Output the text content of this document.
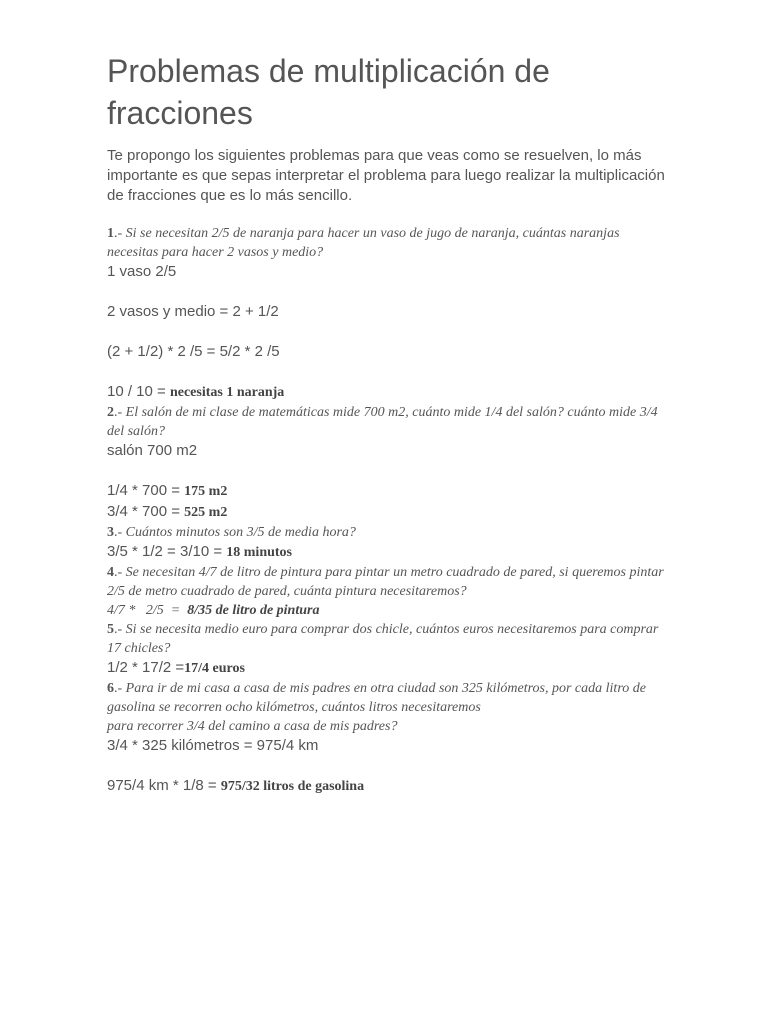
Problemas de multiplicación de fracciones
Te propongo los siguientes problemas para que veas como se resuelven, lo más importante es que sepas interpretar el problema para luego realizar la multiplicación de fracciones que es lo más sencillo.
1.- Si se necesitan 2/5 de naranja para hacer un vaso de jugo de naranja, cuántas naranjas necesitas para hacer 2 vasos y medio?
1 vaso 2/5
2 vasos y medio = 2 + 1/2
(2 + 1/2) * 2 /5 = 5/2 * 2 /5
10 / 10 = necesitas 1 naranja
2.- El salón de mi clase de matemáticas mide 700 m2, cuánto mide 1/4 del salón? cuánto mide 3/4 del salón?
salón 700 m2
1/4 * 700 = 175 m2
3/4 * 700 = 525 m2
3.- Cuántos minutos son 3/5 de media hora?
3/5 * 1/2 = 3/10 = 18 minutos
4.- Se necesitan 4/7 de litro de pintura para pintar un metro cuadrado de pared, si queremos pintar 2/5 de metro cuadrado de pared, cuánta pintura necesitaremos?
4/7 *   2/5  =  8/35 de litro de pintura
5.- Si se necesita medio euro para comprar dos chicle, cuántos euros necesitaremos para comprar 17 chicles?
1/2 * 17/2 =17/4 euros
6.- Para ir de mi casa a casa de mis padres en otra ciudad son 325 kilómetros, por cada litro de gasolina se recorren ocho kilómetros, cuántos litros necesitaremos
para recorrer 3/4 del camino a casa de mis padres?
3/4 * 325 kilómetros = 975/4 km
975/4 km * 1/8 = 975/32 litros de gasolina
